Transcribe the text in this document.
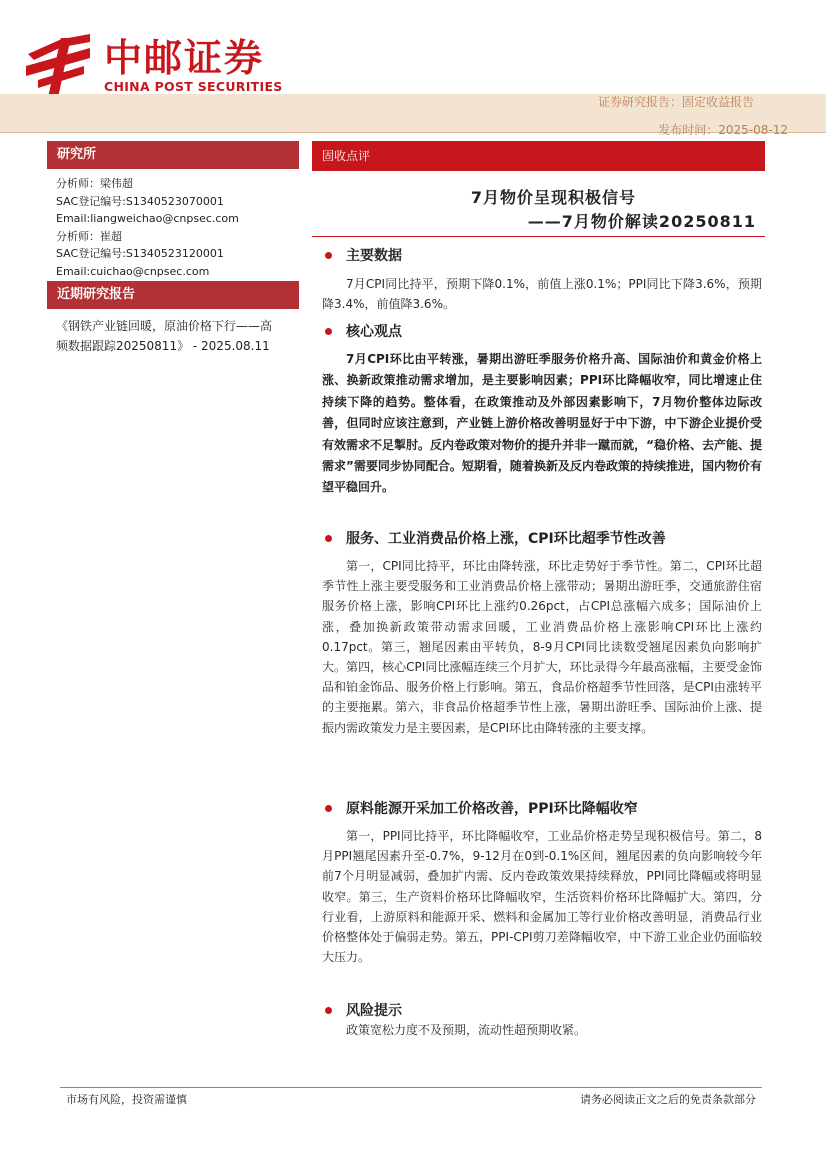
中邮证券
CHINA POST SECURITIES
证券研究报告：固定收益报告
发布时间：2025-08-12
研究所
分析师：梁伟超
SAC登记编号:S1340523070001
Email:liangweichao@cnpsec.com
分析师：崔超
SAC登记编号:S1340523120001
Email:cuichao@cnpsec.com
近期研究报告
《钢铁产业链回暖，原油价格下行——高频数据跟踪20250811》 - 2025.08.11
固收点评
7月物价呈现积极信号
——7月物价解读20250811
主要数据
7月CPI同比持平，预期下降0.1%，前值上涨0.1%；PPI同比下降3.6%，预期降3.4%，前值降3.6%。
核心观点
7月CPI环比由平转涨，暑期出游旺季服务价格升高、国际油价和黄金价格上涨、换新政策推动需求增加，是主要影响因素；PPI环比降幅收窄，同比增速止住持续下降的趋势。整体看，在政策推动及外部因素影响下，7月物价整体边际改善，但同时应该注意到，产业链上游价格改善明显好于中下游，中下游企业提价受有效需求不足掣肘。反内卷政策对物价的提升并非一蹴而就，“稳价格、去产能、提需求”需要同步协同配合。短期看，随着换新及反内卷政策的持续推进，国内物价有望平稳回升。
服务、工业消费品价格上涨，CPI环比超季节性改善
第一，CPI同比持平，环比由降转涨，环比走势好于季节性。第二，CPI环比超季节性上涨主要受服务和工业消费品价格上涨带动；暑期出游旺季，交通旅游住宿服务价格上涨，影响CPI环比上涨约0.26pct，占CPI总涨幅六成多；国际油价上涨，叠加换新政策带动需求回暖，工业消费品价格上涨影响CPI环比上涨约0.17pct。第三，翘尾因素由平转负，8-9月CPI同比读数受翘尾因素负向影响扩大。第四，核心CPI同比涨幅连续三个月扩大，环比录得今年最高涨幅，主要受金饰品和铂金饰品、服务价格上行影响。第五，食品价格超季节性回落，是CPI由涨转平的主要拖累。第六，非食品价格超季节性上涨，暑期出游旺季、国际油价上涨、提振内需政策发力是主要因素，是CPI环比由降转涨的主要支撑。
原料能源开采加工价格改善，PPI环比降幅收窄
第一，PPI同比持平，环比降幅收窄，工业品价格走势呈现积极信号。第二，8月PPI翘尾因素升至-0.7%，9-12月在0到-0.1%区间，翘尾因素的负向影响较今年前7个月明显减弱，叠加扩内需、反内卷政策效果持续释放，PPI同比降幅或将明显收窄。第三，生产资料价格环比降幅收窄，生活资料价格环比降幅扩大。第四，分行业看，上游原料和能源开采、燃料和金属加工等行业价格改善明显，消费品行业价格整体处于偏弱走势。第五，PPI-CPI剪刀差降幅收窄，中下游工业企业仍面临较大压力。
风险提示
政策宽松力度不及预期，流动性超预期收紧。
市场有风险，投资需谨慎	请务必阅读正文之后的免责条款部分
